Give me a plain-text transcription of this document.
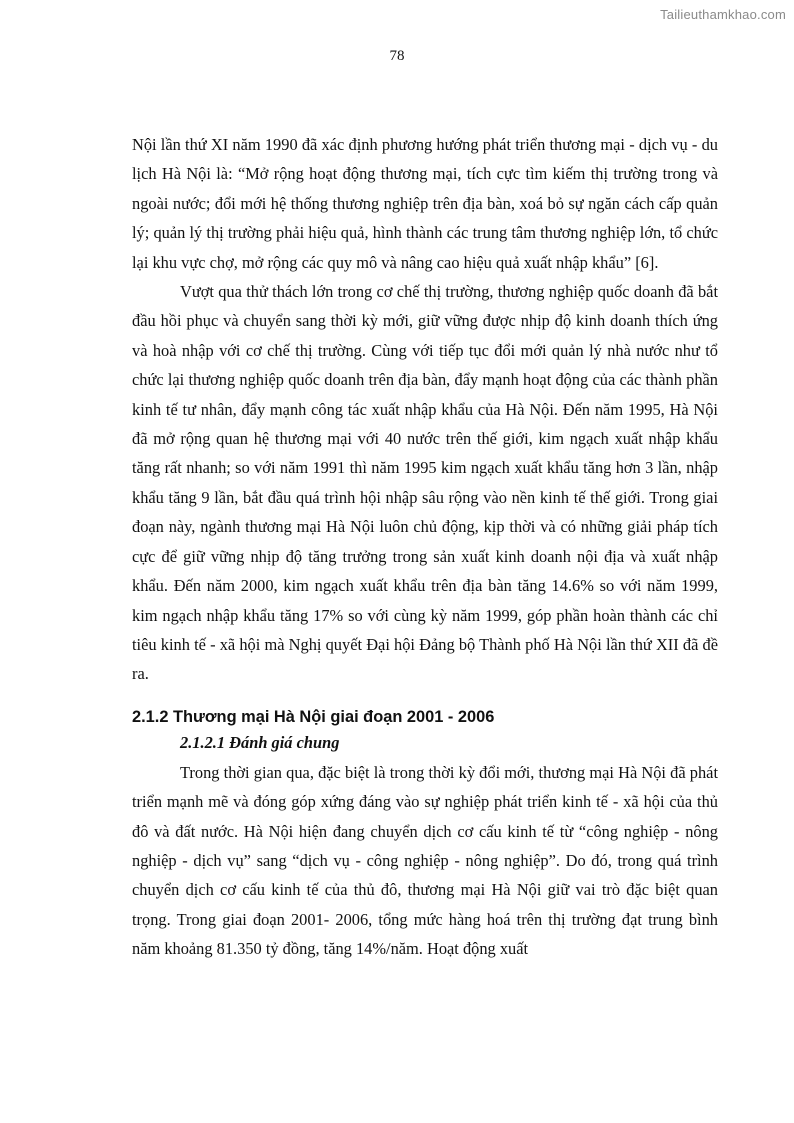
Tailieuthamkhao.com
78

Nội lần thứ XI năm 1990 đã xác định phương hướng phát triển thương mại - dịch vụ - du lịch Hà Nội là: “Mở rộng hoạt động thương mại, tích cực tìm kiếm thị trường trong và ngoài nước; đổi mới hệ thống thương nghiệp trên địa bàn, xoá bỏ sự ngăn cách cấp quản lý; quản lý thị trường phải hiệu quả, hình thành các trung tâm thương nghiệp lớn, tổ chức lại khu vực chợ, mở rộng các quy mô và nâng cao hiệu quả xuất nhập khẩu” [6].

Vượt qua thử thách lớn trong cơ chế thị trường, thương nghiệp quốc doanh đã bắt đầu hồi phục và chuyển sang thời kỳ mới, giữ vững được nhịp độ kinh doanh thích ứng và hoà nhập với cơ chế thị trường. Cùng với tiếp tục đổi mới quản lý nhà nước như tổ chức lại thương nghiệp quốc doanh trên địa bàn, đẩy mạnh hoạt động của các thành phần kinh tế tư nhân, đẩy mạnh công tác xuất nhập khẩu của Hà Nội. Đến năm 1995, Hà Nội đã mở rộng quan hệ thương mại với 40 nước trên thế giới, kim ngạch xuất nhập khẩu tăng rất nhanh; so với năm 1991 thì năm 1995 kim ngạch xuất khẩu tăng hơn 3 lần, nhập khẩu tăng 9 lần, bắt đầu quá trình hội nhập sâu rộng vào nền kinh tế thế giới. Trong giai đoạn này, ngành thương mại Hà Nội luôn chủ động, kịp thời và có những giải pháp tích cực để giữ vững nhịp độ tăng trưởng trong sản xuất kinh doanh nội địa và xuất nhập khẩu. Đến năm 2000, kim ngạch xuất khẩu trên địa bàn tăng 14.6% so với năm 1999, kim ngạch nhập khẩu tăng 17% so với cùng kỳ năm 1999, góp phần hoàn thành các chỉ tiêu kinh tế - xã hội mà Nghị quyết Đại hội Đảng bộ Thành phố Hà Nội lần thứ XII đã đề ra.

2.1.2 Thương mại Hà Nội giai đoạn 2001 - 2006
2.1.2.1 Đánh giá chung

Trong thời gian qua, đặc biệt là trong thời kỳ đổi mới, thương mại Hà Nội đã phát triển mạnh mẽ và đóng góp xứng đáng vào sự nghiệp phát triển kinh tế - xã hội của thủ đô và đất nước. Hà Nội hiện đang chuyển dịch cơ cấu kinh tế từ “công nghiệp - nông nghiệp - dịch vụ” sang “dịch vụ - công nghiệp - nông nghiệp”. Do đó, trong quá trình chuyển dịch cơ cấu kinh tế của thủ đô, thương mại Hà Nội giữ vai trò đặc biệt quan trọng. Trong giai đoạn 2001- 2006, tổng mức hàng hoá trên thị trường đạt trung bình năm khoảng 81.350 tỷ đồng, tăng 14%/năm. Hoạt động xuất
